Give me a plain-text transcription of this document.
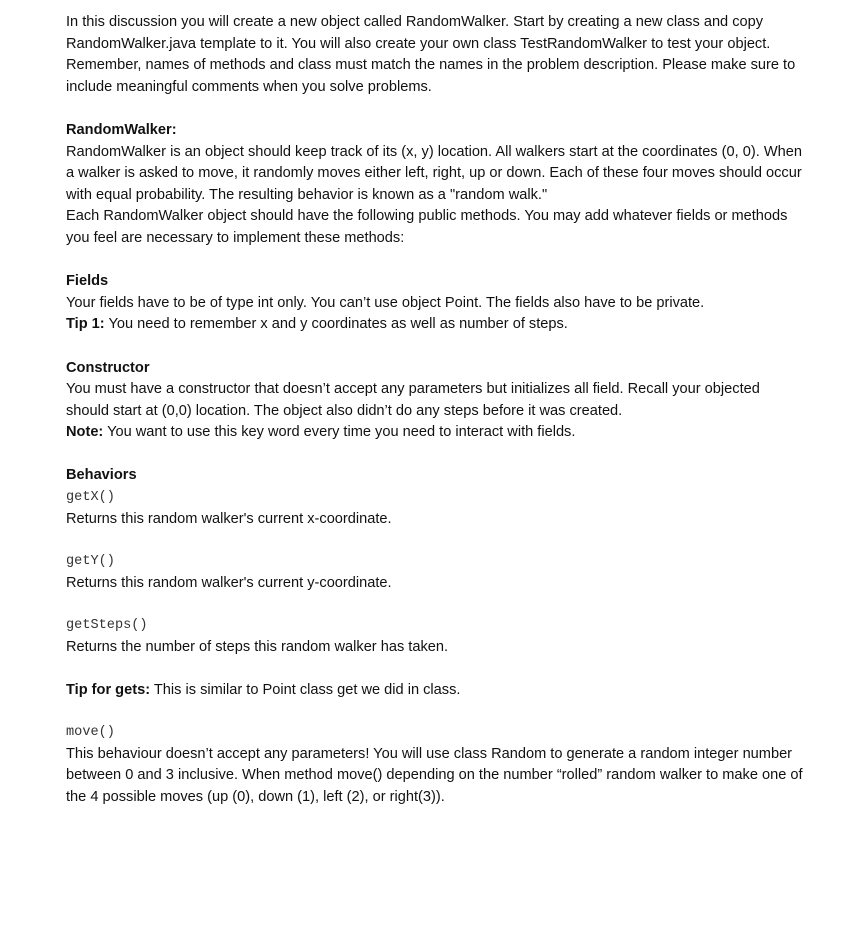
In this discussion you will create a new object called RandomWalker. Start by creating a new class and copy RandomWalker.java template to it. You will also create your own class TestRandomWalker to test your object. Remember, names of methods and class must match the names in the problem description. Please make sure to include meaningful comments when you solve problems.

RandomWalker:

RandomWalker is an object should keep track of its (x, y) location. All walkers start at the coordinates (0, 0). When a walker is asked to move, it randomly moves either left, right, up or down. Each of these four moves should occur with equal probability. The resulting behavior is known as a "random walk."

Each RandomWalker object should have the following public methods. You may add whatever fields or methods you feel are necessary to implement these methods:

Fields

Your fields have to be of type int only. You can’t use object Point. The fields also have to be private.

Tip 1: You need to remember x and y coordinates as well as number of steps.

Constructor

You must have a constructor that doesn’t accept any parameters but initializes all field. Recall your objected should start at (0,0) location. The object also didn’t do any steps before it was created.

Note: You want to use this key word every time you need to interact with fields.

Behaviors

getX()

Returns this random walker's current x-coordinate.

getY()

Returns this random walker's current y-coordinate.

getSteps()

Returns the number of steps this random walker has taken.

Tip for gets: This is similar to Point class get we did in class.

move()

This behaviour doesn’t accept any parameters! You will use class Random to generate a random integer number between 0 and 3 inclusive. When method move() depending on the number “rolled” random walker to make one of the 4 possible moves (up (0), down (1), left (2), or right(3)).
